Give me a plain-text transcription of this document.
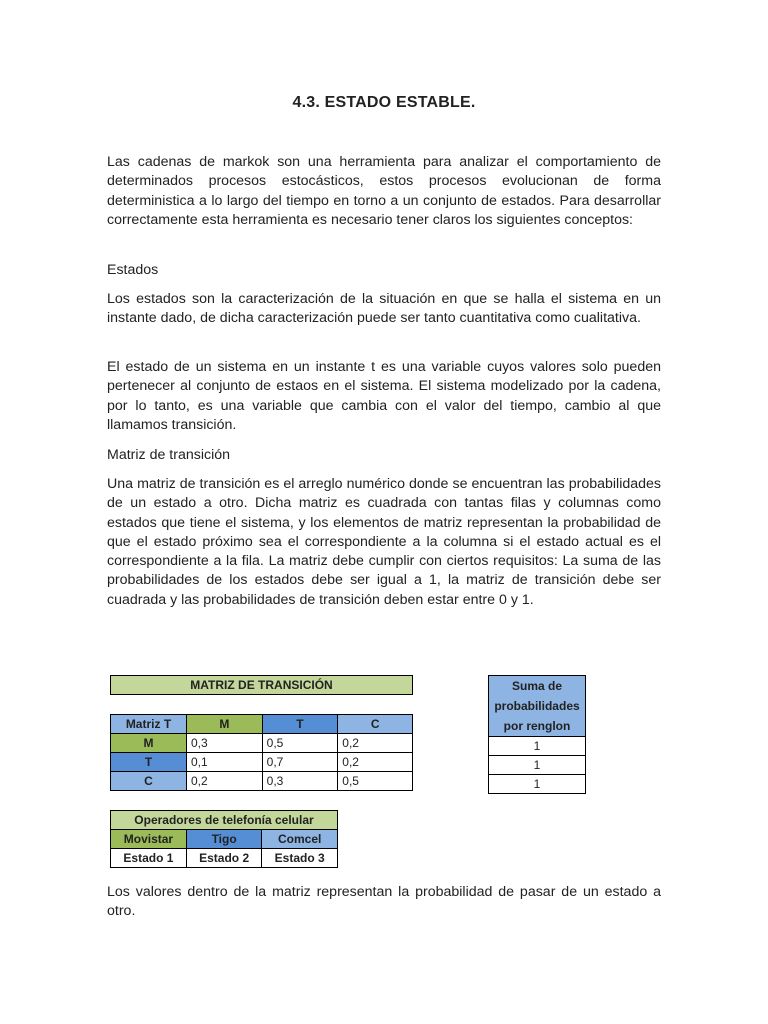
4.3. ESTADO ESTABLE.

Las cadenas de markok son una herramienta para analizar el comportamiento de determinados procesos estocásticos, estos procesos evolucionan de forma deterministica a lo largo del tiempo en torno a un conjunto de estados. Para desarrollar correctamente esta herramienta es necesario tener claros los siguientes conceptos:

Estados

Los estados son la caracterización de la situación en que se halla el sistema en un instante dado, de dicha caracterización puede ser tanto cuantitativa como cualitativa.

El estado de un sistema en un instante t es una variable cuyos valores solo pueden pertenecer al conjunto de estaos en el sistema. El sistema modelizado por la cadena, por lo tanto, es una variable que cambia con el valor del tiempo, cambio al que llamamos transición.

Matriz de transición

Una matriz de transición es el arreglo numérico donde se encuentran las probabilidades de un estado a otro. Dicha matriz es cuadrada con tantas filas y columnas como estados que tiene el sistema, y los elementos de matriz representan la probabilidad de que el estado próximo sea el correspondiente a la columna si el estado actual es el correspondiente a la fila. La matriz debe cumplir con ciertos requisitos: La suma de las probabilidades de los estados debe ser igual a 1, la matriz de transición debe ser cuadrada y las probabilidades de transición deben estar entre 0 y 1.

MATRIZ DE TRANSICIÓN
Matriz T	M	T	C
M	0,3	0,5	0,2
T	0,1	0,7	0,2
C	0,2	0,3	0,5
Suma de
probabilidades
por renglon
1
1
1
Operadores de telefonía celular		
Movistar	Tigo	Comcel
Estado 1	Estado 2	Estado 3

Los valores dentro de la matriz representan la probabilidad de pasar de un estado a otro.
